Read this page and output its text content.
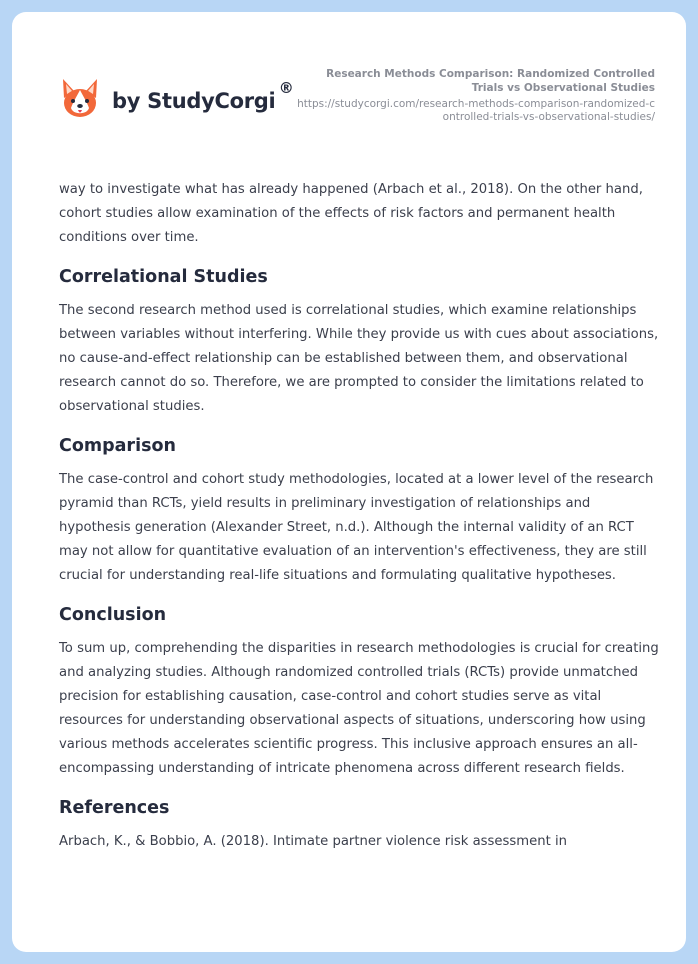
by StudyCorgi
®
Research Methods Comparison: Randomized Controlled Trials vs Observational Studies
https://studycorgi.com/research-methods-comparison-randomized-controlled-trials-vs-observational-studies/

way to investigate what has already happened (Arbach et al., 2018). On the other hand, cohort studies allow examination of the effects of risk factors and permanent health conditions over time.

Correlational Studies

The second research method used is correlational studies, which examine relationships between variables without interfering. While they provide us with cues about associations, no cause-and-effect relationship can be established between them, and observational research cannot do so. Therefore, we are prompted to consider the limitations related to observational studies.

Comparison

The case-control and cohort study methodologies, located at a lower level of the research pyramid than RCTs, yield results in preliminary investigation of relationships and hypothesis generation (Alexander Street, n.d.). Although the internal validity of an RCT may not allow for quantitative evaluation of an intervention's effectiveness, they are still crucial for understanding real-life situations and formulating qualitative hypotheses.

Conclusion

To sum up, comprehending the disparities in research methodologies is crucial for creating and analyzing studies. Although randomized controlled trials (RCTs) provide unmatched precision for establishing causation, case-control and cohort studies serve as vital resources for understanding observational aspects of situations, underscoring how using various methods accelerates scientific progress. This inclusive approach ensures an all-encompassing understanding of intricate phenomena across different research fields.

References

Arbach, K., & Bobbio, A. (2018). Intimate partner violence risk assessment in
